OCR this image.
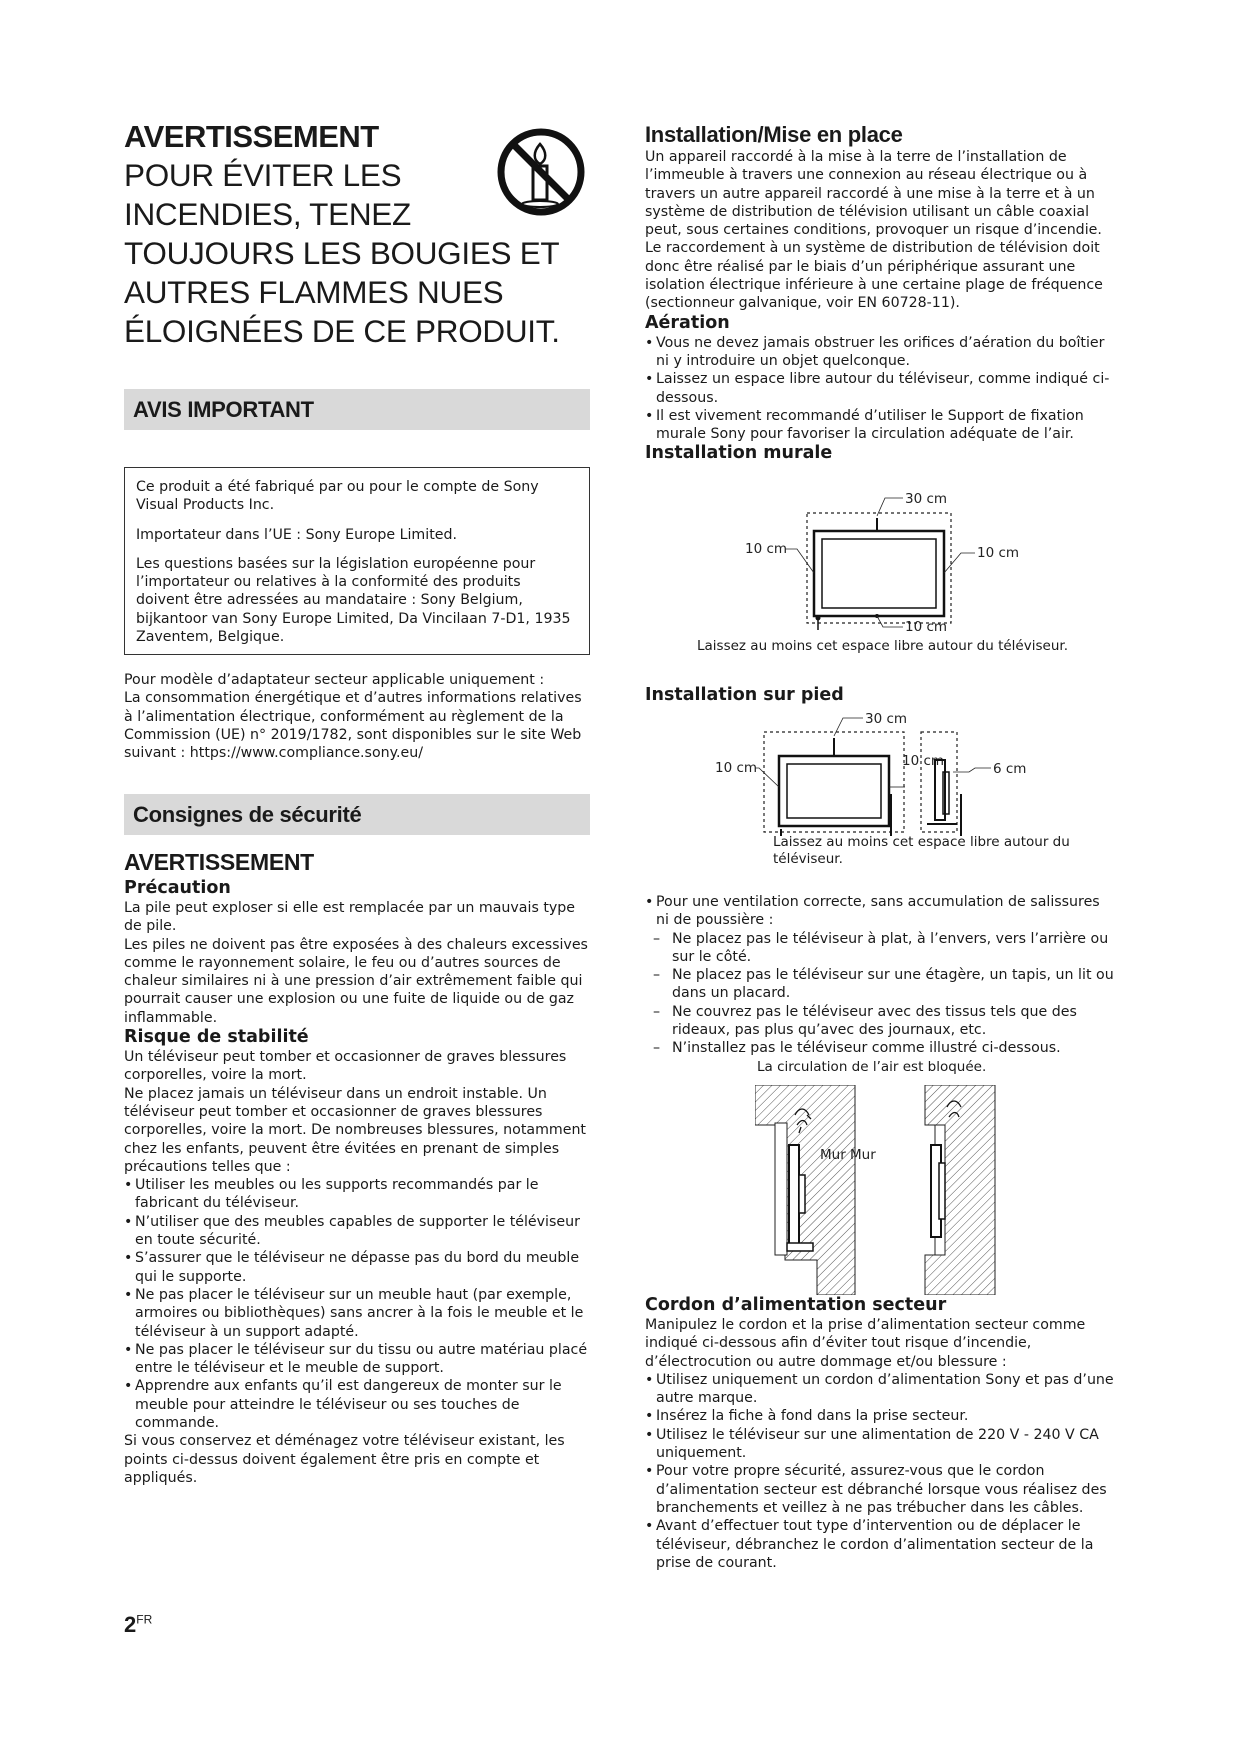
AVERTISSEMENT
POUR ÉVITER LES
INCENDIES, TENEZ
TOUJOURS LES BOUGIES ET
AUTRES FLAMMES NUES
ÉLOIGNÉES DE CE PRODUIT.
AVIS IMPORTANT

Ce produit a été fabriqué par ou pour le compte de Sony Visual Products Inc.

Importateur dans l’UE : Sony Europe Limited.

Les questions basées sur la législation européenne pour l’importateur ou relatives à la conformité des produits doivent être adressées au mandataire : Sony Belgium, bijkantoor van Sony Europe Limited, Da Vincilaan 7-D1, 1935 Zaventem, Belgique.

Pour modèle d’adaptateur secteur applicable uniquement :

La consommation énergétique et d’autres informations relatives à l’alimentation électrique, conformément au règlement de la Commission (UE) n° 2019/1782, sont disponibles sur le site Web suivant : https://www.compliance.sony.eu/

Consignes de sécurité
AVERTISSEMENT
Précaution

La pile peut exploser si elle est remplacée par un mauvais type de pile.

Les piles ne doivent pas être exposées à des chaleurs excessives comme le rayonnement solaire, le feu ou d’autres sources de chaleur similaires ni à une pression d’air extrêmement faible qui pourrait causer une explosion ou une fuite de liquide ou de gaz inflammable.

Risque de stabilité

Un téléviseur peut tomber et occasionner de graves blessures corporelles, voire la mort.

Ne placez jamais un téléviseur dans un endroit instable. Un téléviseur peut tomber et occasionner de graves blessures corporelles, voire la mort. De nombreuses blessures, notamment chez les enfants, peuvent être évitées en prenant de simples précautions telles que :

• Utiliser les meubles ou les supports recommandés par le fabricant du téléviseur.
• N’utiliser que des meubles capables de supporter le téléviseur en toute sécurité.
• S’assurer que le téléviseur ne dépasse pas du bord du meuble qui le supporte.
• Ne pas placer le téléviseur sur un meuble haut (par exemple, armoires ou bibliothèques) sans ancrer à la fois le meuble et le téléviseur à un support adapté.
• Ne pas placer le téléviseur sur du tissu ou autre matériau placé entre le téléviseur et le meuble de support.
• Apprendre aux enfants qu’il est dangereux de monter sur le meuble pour atteindre le téléviseur ou ses touches de commande.

Si vous conservez et déménagez votre téléviseur existant, les points ci-dessus doivent également être pris en compte et appliqués.

$2^{FR}$
Installation/Mise en place

Un appareil raccordé à la mise à la terre de l’installation de l’immeuble à travers une connexion au réseau électrique ou à travers un autre appareil raccordé à une mise à la terre et à un système de distribution de télévision utilisant un câble coaxial peut, sous certaines conditions, provoquer un risque d’incendie. Le raccordement à un système de distribution de télévision doit donc être réalisé par le biais d’un périphérique assurant une isolation électrique inférieure à une certaine plage de fréquence (sectionneur galvanique, voir EN 60728-11).

Aération
• Vous ne devez jamais obstruer les orifices d’aération du boîtier ni y introduire un objet quelconque.
• Laissez un espace libre autour du téléviseur, comme indiqué ci-dessous.
• Il est vivement recommandé d’utiliser le Support de fixation murale Sony pour favoriser la circulation adéquate de l’air.
Installation murale
30 cm
10 cm	10 cm
10 cm
Laissez au moins cet espace libre autour du téléviseur.
Installation sur pied
30 cm
10 cm	10 cm	6 cm
Laissez au moins cet espace libre autour du téléviseur.
• Pour une ventilation correcte, sans accumulation de salissures ni de poussière :
– Ne placez pas le téléviseur à plat, à l’envers, vers l’arrière ou sur le côté.
– Ne placez pas le téléviseur sur une étagère, un tapis, un lit ou dans un placard.
– Ne couvrez pas le téléviseur avec des tissus tels que des rideaux, pas plus qu’avec des journaux, etc.
– N’installez pas le téléviseur comme illustré ci-dessous.
La circulation de l’air est bloquée.
Mur Mur
Cordon d’alimentation secteur

Manipulez le cordon et la prise d’alimentation secteur comme indiqué ci-dessous afin d’éviter tout risque d’incendie, d’électrocution ou autre dommage et/ou blessure :

• Utilisez uniquement un cordon d’alimentation Sony et pas d’une autre marque.
• Insérez la fiche à fond dans la prise secteur.
• Utilisez le téléviseur sur une alimentation de 220 V - 240 V CA uniquement.
• Pour votre propre sécurité, assurez-vous que le cordon d’alimentation secteur est débranché lorsque vous réalisez des branchements et veillez à ne pas trébucher dans les câbles.
• Avant d’effectuer tout type d’intervention ou de déplacer le téléviseur, débranchez le cordon d’alimentation secteur de la prise de courant.
